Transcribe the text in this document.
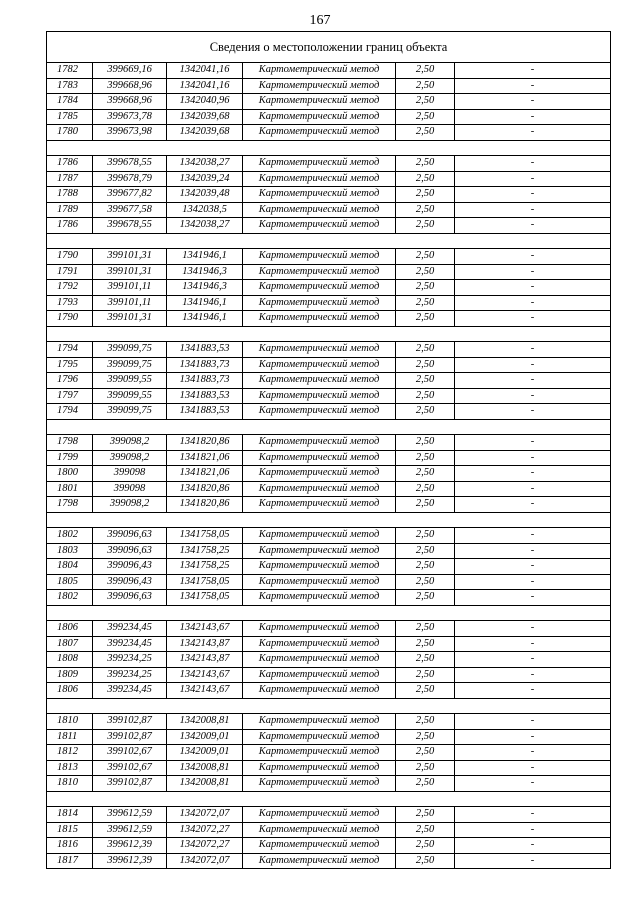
167
Сведения о местоположении границ объекта					
1782	399669,16	1342041,16	Картометрический метод	2,50	-
1783	399668,96	1342041,16	Картометрический метод	2,50	-
1784	399668,96	1342040,96	Картометрический метод	2,50	-
1785	399673,78	1342039,68	Картометрический метод	2,50	-
1780	399673,98	1342039,68	Картометрический метод	2,50	-

1786	399678,55	1342038,27	Картометрический метод	2,50	-
1787	399678,79	1342039,24	Картометрический метод	2,50	-
1788	399677,82	1342039,48	Картометрический метод	2,50	-
1789	399677,58	1342038,5	Картометрический метод	2,50	-
1786	399678,55	1342038,27	Картометрический метод	2,50	-

1790	399101,31	1341946,1	Картометрический метод	2,50	-
1791	399101,31	1341946,3	Картометрический метод	2,50	-
1792	399101,11	1341946,3	Картометрический метод	2,50	-
1793	399101,11	1341946,1	Картометрический метод	2,50	-
1790	399101,31	1341946,1	Картометрический метод	2,50	-

1794	399099,75	1341883,53	Картометрический метод	2,50	-
1795	399099,75	1341883,73	Картометрический метод	2,50	-
1796	399099,55	1341883,73	Картометрический метод	2,50	-
1797	399099,55	1341883,53	Картометрический метод	2,50	-
1794	399099,75	1341883,53	Картометрический метод	2,50	-

1798	399098,2	1341820,86	Картометрический метод	2,50	-
1799	399098,2	1341821,06	Картометрический метод	2,50	-
1800	399098	1341821,06	Картометрический метод	2,50	-
1801	399098	1341820,86	Картометрический метод	2,50	-
1798	399098,2	1341820,86	Картометрический метод	2,50	-

1802	399096,63	1341758,05	Картометрический метод	2,50	-
1803	399096,63	1341758,25	Картометрический метод	2,50	-
1804	399096,43	1341758,25	Картометрический метод	2,50	-
1805	399096,43	1341758,05	Картометрический метод	2,50	-
1802	399096,63	1341758,05	Картометрический метод	2,50	-

1806	399234,45	1342143,67	Картометрический метод	2,50	-
1807	399234,45	1342143,87	Картометрический метод	2,50	-
1808	399234,25	1342143,87	Картометрический метод	2,50	-
1809	399234,25	1342143,67	Картометрический метод	2,50	-
1806	399234,45	1342143,67	Картометрический метод	2,50	-

1810	399102,87	1342008,81	Картометрический метод	2,50	-
1811	399102,87	1342009,01	Картометрический метод	2,50	-
1812	399102,67	1342009,01	Картометрический метод	2,50	-
1813	399102,67	1342008,81	Картометрический метод	2,50	-
1810	399102,87	1342008,81	Картометрический метод	2,50	-

1814	399612,59	1342072,07	Картометрический метод	2,50	-
1815	399612,59	1342072,27	Картометрический метод	2,50	-
1816	399612,39	1342072,27	Картометрический метод	2,50	-
1817	399612,39	1342072,07	Картометрический метод	2,50	-
